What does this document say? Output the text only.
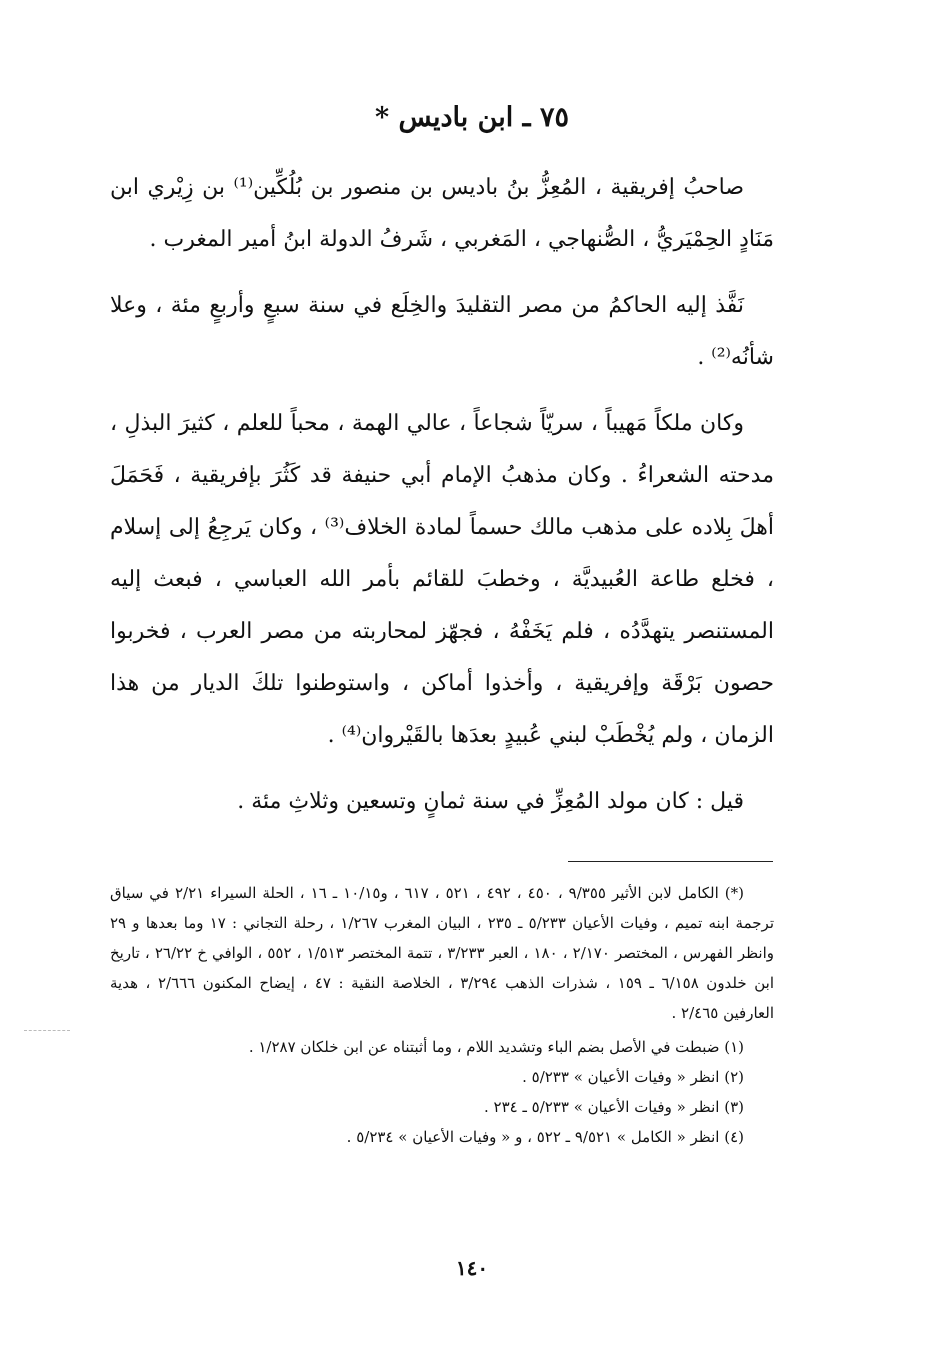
٧٥ ـ ابن باديس *

صاحبُ إفريقية ، المُعِزُّ بنُ باديس بن منصور بن بُلُكِّين⁽¹⁾ بن زِيْري ابن مَنَادٍ الحِمْيَريُّ ، الصُّنهاجي ، المَغربي ، شَرفُ الدولة ابنُ أمير المغرب .

نَفَّذ إليه الحاكمُ من مصر التقليدَ والخِلَع في سنة سبعٍ وأربعٍ مئة ، وعلا شأنُه⁽²⁾ .

وكان ملكاً مَهيباً ، سريّاً شجاعاً ، عالي الهمة ، محباً للعلم ، كثيرَ البذلِ ، مدحته الشعراءُ . وكان مذهبُ الإمام أبي حنيفة قد كَثُرَ بإفريقية ، فَحَمَلَ أهلَ بِلاده على مذهب مالك حسماً لمادة الخلاف⁽³⁾ ، وكان يَرجِعُ إلى إسلام ، فخلع طاعة العُبيديَّة ، وخطبَ للقائم بأمر الله العباسي ، فبعث إليه المستنصر يتهدَّدُه ، فلم يَخَفْهُ ، فجهّز لمحاربته من مصر العرب ، فخربوا حصون بَرْقَة وإفريقية ، وأخذوا أماكن ، واستوطنوا تلكَ الديار من هذا الزمان ، ولم يُخْطَبْ لبني عُبيدٍ بعدَها بالقَيْروان⁽⁴⁾ .

قيل : كان مولد المُعِزِّ في سنة ثمانٍ وتسعين وثلاثِ مئة .

(*) الكامل لابن الأثير ٩/٣٥٥ ، ٤٥٠ ، ٤٩٢ ، ٥٢١ ، ٦١٧ ، و١٠/١٥ ـ ١٦ ، الحلة السيراء ٢/٢١ في سياق ترجمة ابنه تميم ، وفيات الأعيان ٥/٢٣٣ ـ ٢٣٥ ، البيان المغرب ١/٢٦٧ ، رحلة التجاني : ١٧ وما بعدها و ٢٩ وانظر الفهرس ، المختصر ٢/١٧٠ ، ١٨٠ ، العبر ٣/٢٣٣ ، تتمة المختصر ١/٥١٣ ، ٥٥٢ ، الوافي خ ٢٦/٢٢ ، تاريخ ابن خلدون ٦/١٥٨ ـ ١٥٩ ، شذرات الذهب ٣/٢٩٤ ، الخلاصة النقية : ٤٧ ، إيضاح المكنون ٢/٦٦٦ ، هدية العارفين ٢/٤٦٥ .

(١) ضبطت في الأصل بضم الباء وتشديد اللام ، وما أثبتناه عن ابن خلكان ١/٢٨٧ .

(٢) انظر « وفيات الأعيان » ٥/٢٣٣ .

(٣) انظر « وفيات الأعيان » ٥/٢٣٣ ـ ٢٣٤ .

(٤) انظر « الكامل » ٩/٥٢١ ـ ٥٢٢ ، و « وفيات الأعيان » ٥/٢٣٤ .

١٤٠
